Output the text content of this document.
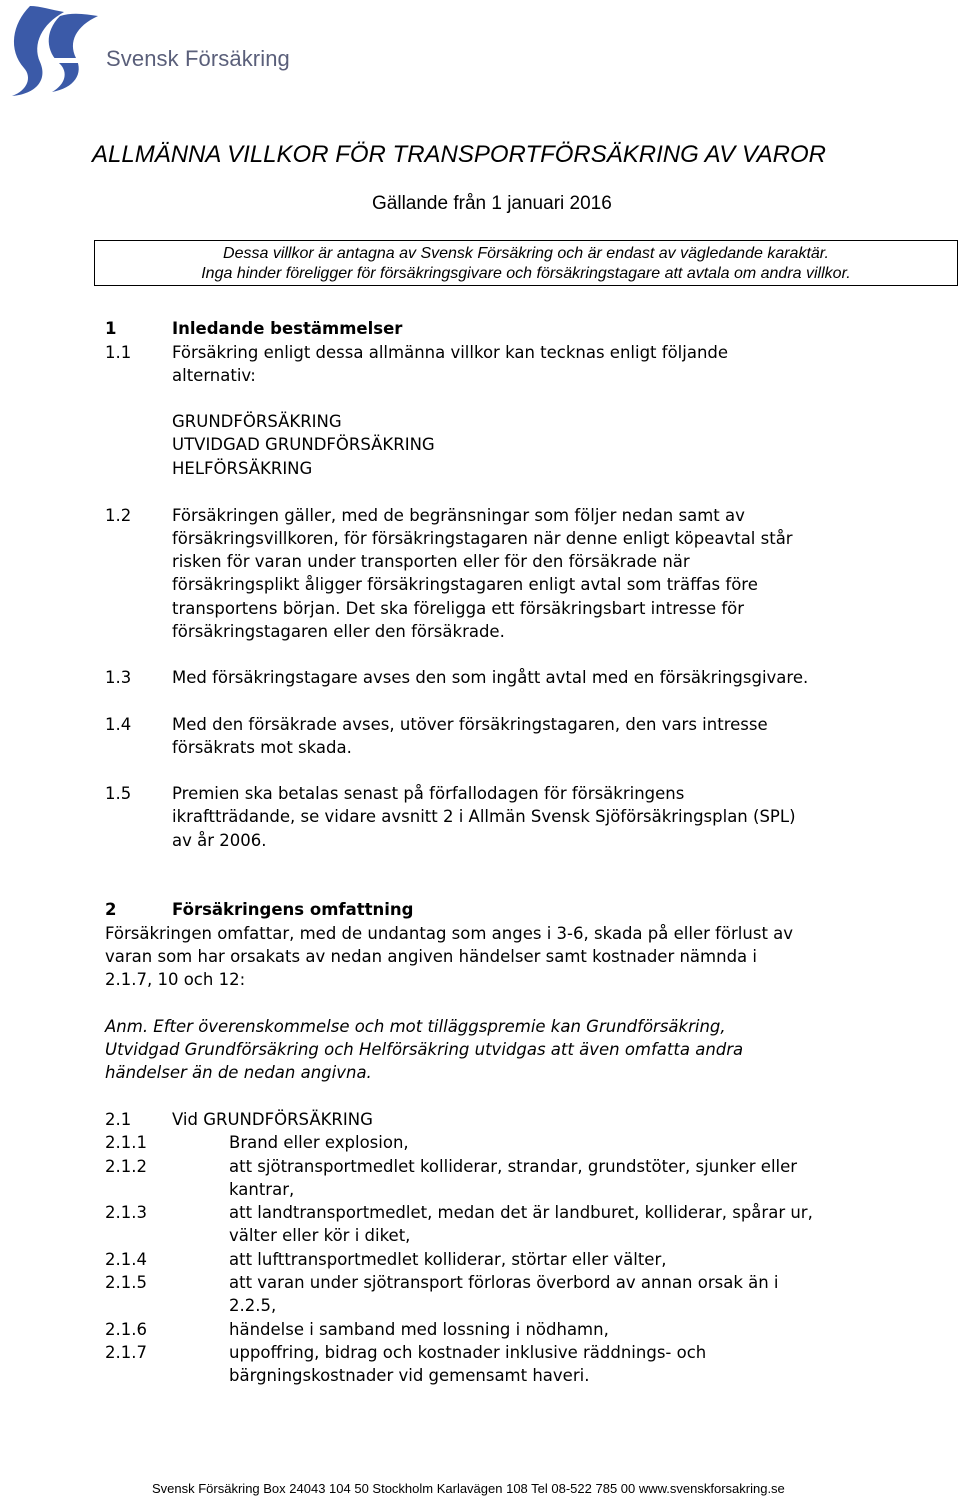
Svensk Försäkring
ALLMÄNNA VILLKOR FÖR TRANSPORTFÖRSÄKRING AV VAROR
Gällande från 1 januari 2016
Dessa villkor är antagna av Svensk Försäkring och är endast av vägledande karaktär.
Inga hinder föreligger för försäkringsgivare och försäkringstagare att avtala om andra villkor.
1	Inledande bestämmelser
1.1 Försäkring enligt dessa allmänna villkor kan tecknas enligt följande
alternativ:
GRUNDFÖRSÄKRING
UTVIDGAD GRUNDFÖRSÄKRING
HELFÖRSÄKRING
1.2 Försäkringen gäller, med de begränsningar som följer nedan samt av
försäkringsvillkoren, för försäkringstagaren när denne enligt köpeavtal står
risken för varan under transporten eller för den försäkrade när
försäkringsplikt åligger försäkringstagaren enligt avtal som träffas före
transportens början. Det ska föreligga ett försäkringsbart intresse för
försäkringstagaren eller den försäkrade.
1.3 Med försäkringstagare avses den som ingått avtal med en försäkringsgivare.
1.4 Med den försäkrade avses, utöver försäkringstagaren, den vars intresse
försäkrats mot skada.
1.5 Premien ska betalas senast på förfallodagen för försäkringens
ikraftträdande, se vidare avsnitt 2 i Allmän Svensk Sjöförsäkringsplan (SPL)
av år 2006.
2	Försäkringens omfattning
Försäkringen omfattar, med de undantag som anges i 3-6, skada på eller förlust av
varan som har orsakats av nedan angiven händelser samt kostnader nämnda i
2.1.7, 10 och 12:
Anm. Efter överenskommelse och mot tilläggspremie kan Grundförsäkring,
Utvidgad Grundförsäkring och Helförsäkring utvidgas att även omfatta andra
händelser än de nedan angivna.
2.1 Vid GRUNDFÖRSÄKRING
2.1.1	Brand eller explosion,
2.1.2	att sjötransportmedlet kolliderar, strandar, grundstöter, sjunker eller
kantrar,
2.1.3	att landtransportmedlet, medan det är landburet, kolliderar, spårar ur,
välter eller kör i diket,
2.1.4	att lufttransportmedlet kolliderar, störtar eller välter,
2.1.5	att varan under sjötransport förloras överbord av annan orsak än i
2.2.5,
2.1.6	händelse i samband med lossning i nödhamn,
2.1.7	uppoffring, bidrag och kostnader inklusive räddnings- och
bärgningskostnader vid gemensamt haveri.
Svensk Försäkring Box 24043 104 50 Stockholm Karlavägen 108 Tel 08-522 785 00 www.svenskforsakring.se
